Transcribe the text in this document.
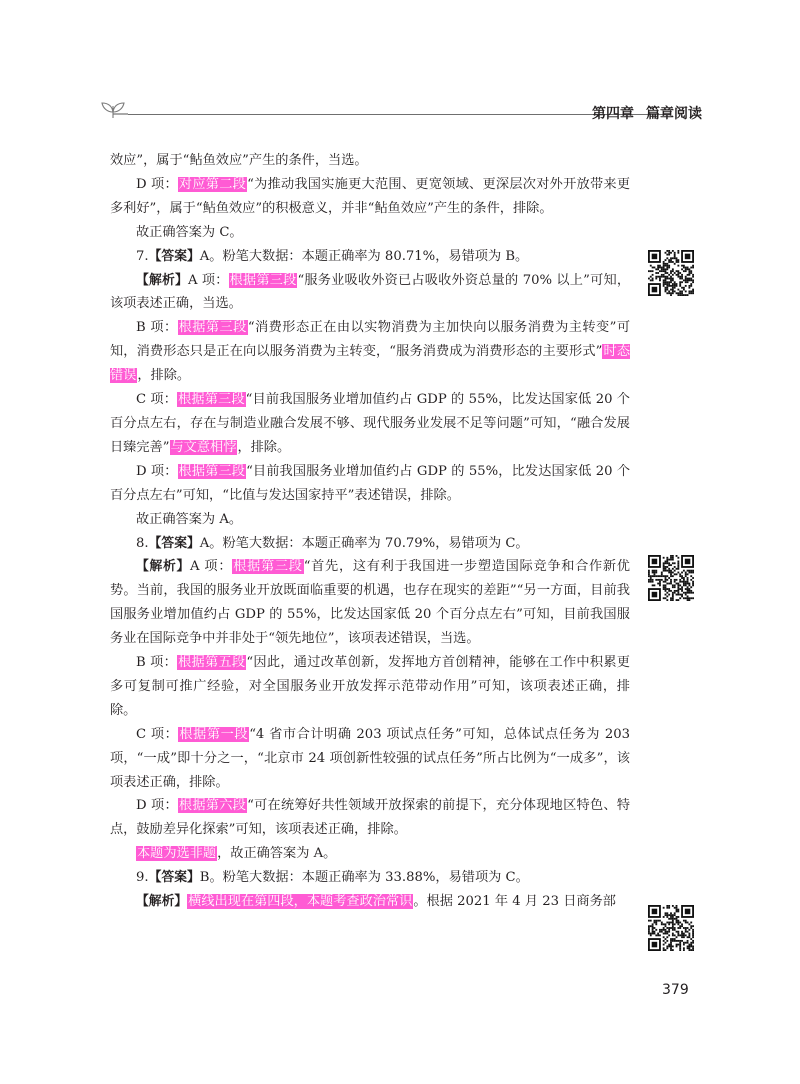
第四章 篇章阅读

效应”，属于“鲇鱼效应”产生的条件，当选。

D 项：对应第二段“为推动我国实施更大范围、更宽领域、更深层次对外开放带来更多利好”，属于“鲇鱼效应”的积极意义，并非“鲇鱼效应”产生的条件，排除。

故正确答案为 C。

7.【答案】A。粉笔大数据：本题正确率为 80.71%，易错项为 B。

【解析】A 项：根据第三段“服务业吸收外资已占吸收外资总量的 70% 以上”可知，该项表述正确，当选。

B 项：根据第三段“消费形态正在由以实物消费为主加快向以服务消费为主转变”可知，消费形态只是正在向以服务消费为主转变，“服务消费成为消费形态的主要形式”时态错误，排除。

C 项：根据第三段“目前我国服务业增加值约占 GDP 的 55%，比发达国家低 20 个百分点左右，存在与制造业融合发展不够、现代服务业发展不足等问题”可知，“融合发展日臻完善”与文意相悖，排除。

D 项：根据第三段“目前我国服务业增加值约占 GDP 的 55%，比发达国家低 20 个百分点左右”可知，“比值与发达国家持平”表述错误，排除。

故正确答案为 A。

8.【答案】A。粉笔大数据：本题正确率为 70.79%，易错项为 C。

【解析】A 项：根据第三段“首先，这有利于我国进一步塑造国际竞争和合作新优势。当前，我国的服务业开放既面临重要的机遇，也存在现实的差距”“另一方面，目前我国服务业增加值约占 GDP 的 55%，比发达国家低 20 个百分点左右”可知，目前我国服务业在国际竞争中并非处于“领先地位”，该项表述错误，当选。

B 项：根据第五段“因此，通过改革创新，发挥地方首创精神，能够在工作中积累更多可复制可推广经验，对全国服务业开放发挥示范带动作用”可知，该项表述正确，排除。

C 项：根据第一段“4 省市合计明确 203 项试点任务”可知，总体试点任务为 203 项，“一成”即十分之一，“北京市 24 项创新性较强的试点任务”所占比例为“一成多”，该项表述正确，排除。

D 项：根据第六段“可在统筹好共性领域开放探索的前提下，充分体现地区特色、特点，鼓励差异化探索”可知，该项表述正确，排除。

本题为选非题，故正确答案为 A。

9.【答案】B。粉笔大数据：本题正确率为 33.88%，易错项为 C。

【解析】横线出现在第四段，本题考查政治常识。根据 2021 年 4 月 23 日商务部

379
